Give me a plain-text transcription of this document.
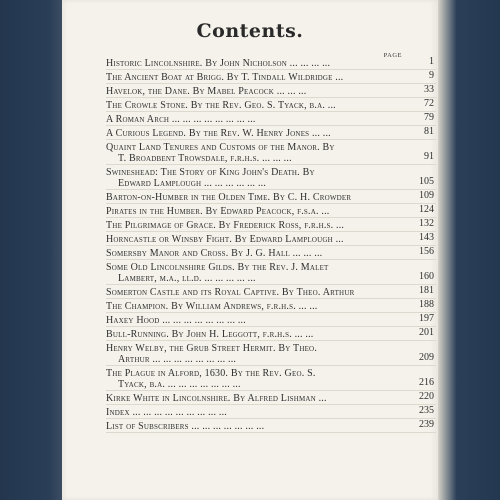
Contents.
PAGE
Historic Lincolnshire. By John Nicholson ... ... ... ...	1
The Ancient Boat at Brigg. By T. Tindall Wildridge ...	9
Havelok, the Dane. By Mabel Peacock ... ... ...	33
The Crowle Stone. By the Rev. Geo. S. Tyack, b.a. ...	72
A Roman Arch ... ... ... ... ... ... ... ...	79
A Curious Legend. By the Rev. W. Henry Jones ... ...	81
Quaint Land Tenures and Customs of the Manor. By
T. Broadbent Trowsdale, f.r.h.s. ... ... ...	91
Swineshead: The Story of King John's Death. By
Edward Lamplough ... ... ... ... ... ...	105
Barton-on-Humber in the Olden Time. By C. H. Crowder	109
Pirates in the Humber. By Edward Peacock, f.s.a. ...	124
The Pilgrimage of Grace. By Frederick Ross, f.r.h.s. ...	132
Horncastle or Winsby Fight. By Edward Lamplough ...	143
Somersby Manor and Cross. By J. G. Hall ... ... ...	156
Some Old Lincolnshire Gilds. By the Rev. J. Malet
Lambert, m.a., ll.d. ... ... ... ... ...	160
Somerton Castle and its Royal Captive. By Theo. Arthur	181
The Champion. By William Andrews, f.r.h.s. ... ...	188
Haxey Hood ... ... ... ... ... ... ... ...	197
Bull-Running. By John H. Leggott, f.r.h.s. ... ...	201
Henry Welby, the Grub Street Hermit. By Theo.
Arthur ... ... ... ... ... ... ... ...	209
The Plague in Alford, 1630. By the Rev. Geo. S.
Tyack, b.a. ... ... ... ... ... ... ...	216
Kirke White in Lincolnshire. By Alfred Lishman ...	220
Index ... ... ... ... ... ... ... ... ...	235
List of Subscribers ... ... ... ... ... ... ...	239
